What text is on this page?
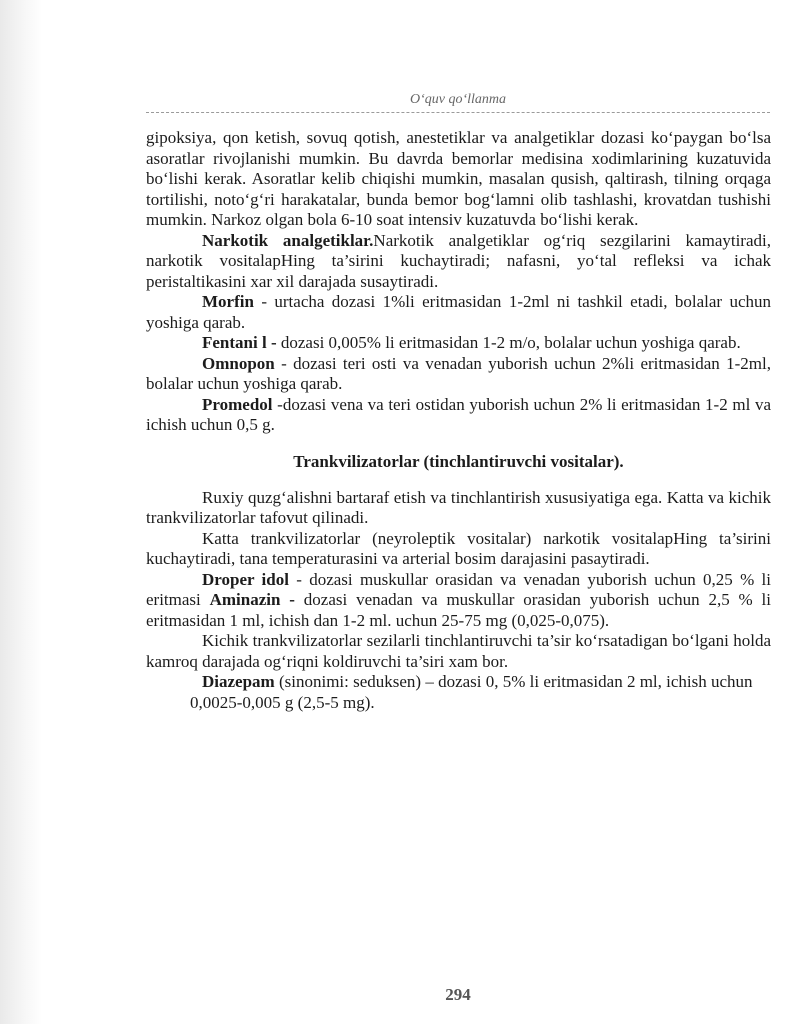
O‘quv qo‘llanma

gipoksiya, qon ketish, sovuq qotish, anestetiklar va analgetiklar dozasi ko‘paygan bo‘lsa asoratlar rivojlanishi mumkin. Bu davrda bemorlar medisina xodimlarining kuzatuvida bo‘lishi kerak. Asoratlar kelib chiqishi mumkin, masalan qusish, qaltirash, tilning orqaga tortilishi, noto‘g‘ri harakatalar, bunda bemor bog‘lamni olib tashlashi, krovatdan tushishi mumkin. Narkoz olgan bola 6-10 soat intensiv kuzatuvda bo‘lishi kerak.

Narkotik analgetiklar.Narkotik analgetiklar og‘riq sezgilarini kamaytiradi, narkotik vositalapHing ta’sirini kuchaytiradi; nafasni, yo‘tal refleksi va ichak peristaltikasini xar xil darajada susaytiradi.

Morfin - urtacha dozasi 1%li eritmasidan 1-2ml ni tashkil etadi, bolalar uchun yoshiga qarab.

Fentani l - dozasi 0,005% li eritmasidan 1-2 m/o, bolalar uchun yoshiga qarab.

Omnopon - dozasi teri osti va venadan yuborish uchun 2%li eritmasidan 1-2ml, bolalar uchun yoshiga qarab.

Promedol -dozasi vena va teri ostidan yuborish uchun 2% li eritmasidan 1-2 ml va ichish uchun 0,5 g.

Trankvilizatorlar (tinchlantiruvchi vositalar).

Ruxiy quzg‘alishni bartaraf etish va tinchlantirish xususiyatiga ega. Katta va kichik trankvilizatorlar tafovut qilinadi.

Katta trankvilizatorlar (neyroleptik vositalar) narkotik vositalapHing ta’sirini kuchaytiradi, tana temperaturasini va arterial bosim darajasini pasaytiradi.

Droper idol - dozasi muskullar orasidan va venadan yuborish uchun 0,25 % li eritmasi Aminazin - dozasi venadan va muskullar orasidan yuborish uchun 2,5 % li eritmasidan 1 ml, ichish dan 1-2 ml. uchun 25-75 mg (0,025-0,075).

Kichik trankvilizatorlar sezilarli tinchlantiruvchi ta’sir ko‘rsatadigan bo‘lgani holda kamroq darajada og‘riqni koldiruvchi ta’siri xam bor.

Diazepam (sinonimi: seduksen) – dozasi 0, 5% li eritmasidan 2 ml, ichish uchun

0,0025-0,005 g (2,5-5 mg).

294
